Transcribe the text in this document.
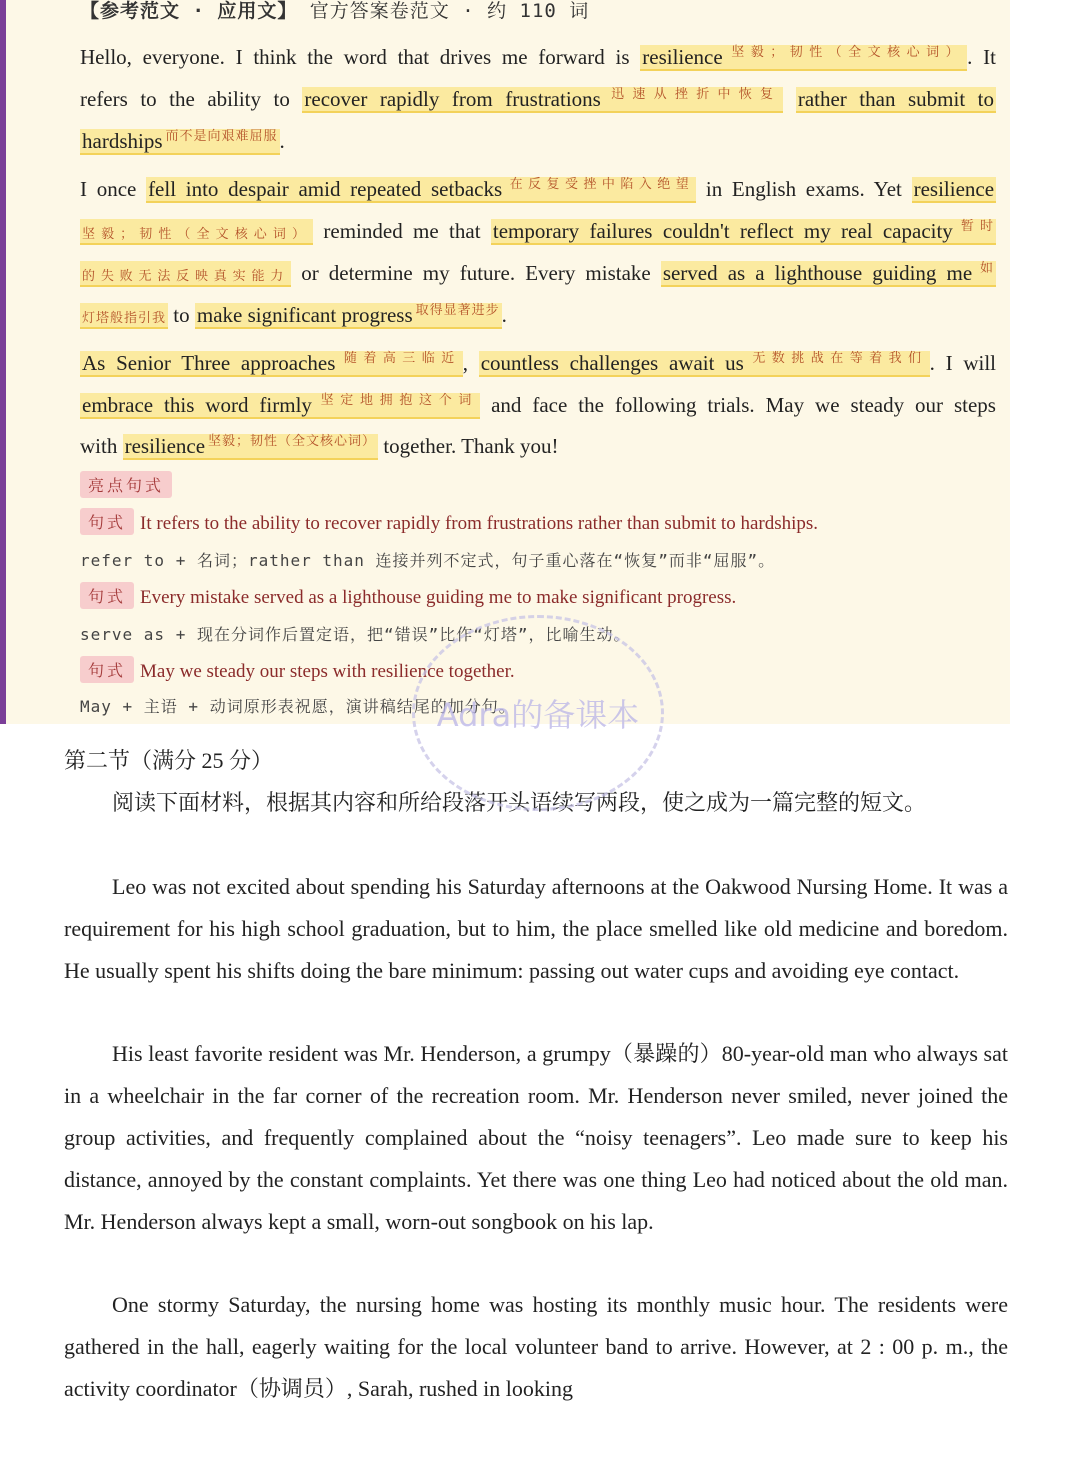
【参考范文 · 应用文】 官方答案卷范文 · 约 110 词
Hello, everyone. I think the word that drives me forward is resilience $^{坚毅;韧性(全文核心词)}$. It
refers to the ability to recover rapidly from frustrations $^{迅速从挫折中恢复}$ rather than submit to
hardships $^{而不是向艰难屈服}$.
I once fell into despair amid repeated setbacks $^{在反复受挫中陷入绝望}$ in English exams. Yet resilience
坚毅；韧性（全文核心词） reminded me that temporary failures couldn't reflect my real capacity $^{暂时}$
的失败无法反映真实能力 or determine my future. Every mistake served as a lighthouse guiding me $^如$
灯塔般指引我 to make significant progress $^{取得显著进步}$.
As Senior Three approaches $^{随着高三临近}$, countless challenges await us $^{无数挑战在等着我们}$. I will
embrace this word firmly $^{坚定地拥抱这个词}$ and face the following trials. May we steady our steps
with resilience $^{坚毅;韧性(全文核心词)}$ together. Thank you!
亮点句式
句式 It refers to the ability to recover rapidly from frustrations rather than submit to hardships.
refer to + 名词；rather than 连接并列不定式，句子重心落在“恢复”而非“屈服”。
句式 Every mistake served as a lighthouse guiding me to make significant progress.
serve as + 现在分词作后置定语，把“错误”比作“灯塔”，比喻生动。
句式 May we steady our steps with resilience together.
May + 主语 + 动词原形表祝愿，演讲稿结尾的加分句。
第二节（满分 25 分）
阅读下面材料，根据其内容和所给段落开头语续写两段，使之成为一篇完整的短文。
Leo was not excited about spending his Saturday afternoons at the Oakwood Nursing Home. It was a requirement for his high school graduation, but to him, the place smelled like old medicine and boredom. He usually spent his shifts doing the bare minimum: passing out water cups and avoiding eye contact.
His least favorite resident was Mr. Henderson, a grumpy（暴躁的）80-year-old man who always sat in a wheelchair in the far corner of the recreation room. Mr. Henderson never smiled, never joined the group activities, and frequently complained about the “noisy teenagers”. Leo made sure to keep his distance, annoyed by the constant complaints. Yet there was one thing Leo had noticed about the old man. Mr. Henderson always kept a small, worn-out songbook on his lap.
One stormy Saturday, the nursing home was hosting its monthly music hour. The residents were gathered in the hall, eagerly waiting for the local volunteer band to arrive. However, at 2 : 00 p. m., the activity coordinator（协调员）, Sarah, rushed in looking
Adra的备课本
